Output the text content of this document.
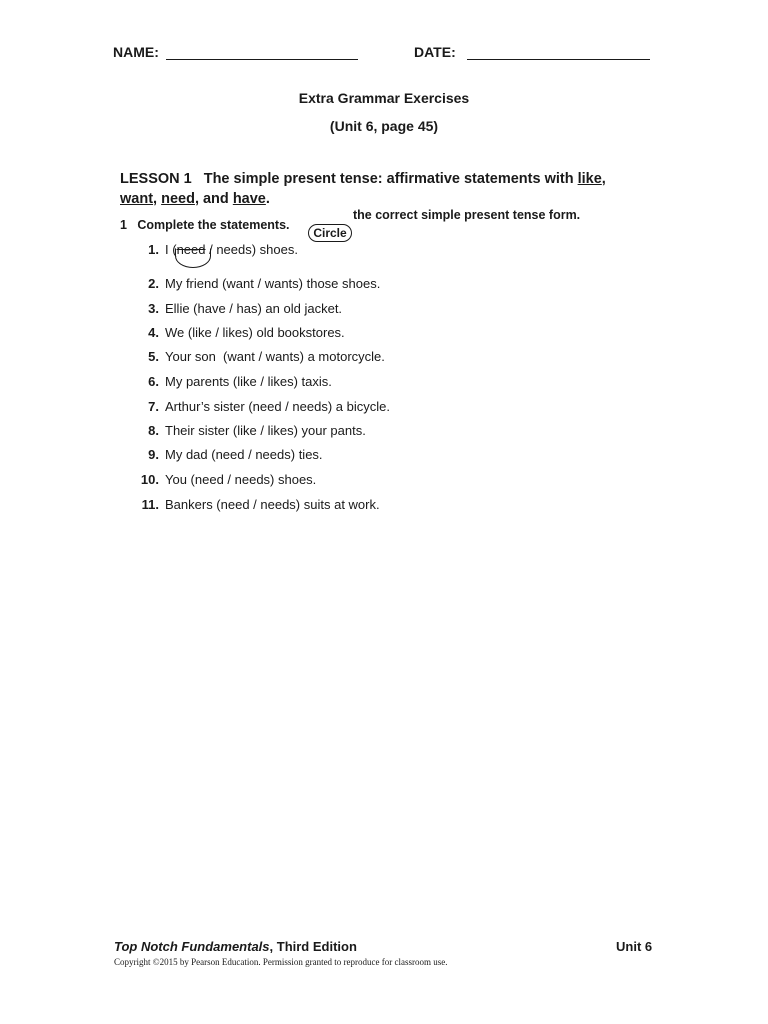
NAME:	DATE:
Extra Grammar Exercises
(Unit 6, page 45)
LESSON 1 The simple present tense: affirmative statements with like,
want, need, and have.
1 Complete the statements.
Circle
the correct simple present tense form.
1. I (need / needs) shoes.
2. My friend (want / wants) those shoes.
3. Ellie (have / has) an old jacket.
4. We (like / likes) old bookstores.
5. Your son  (want / wants) a motorcycle.
6. My parents (like / likes) taxis.
7. Arthur’s sister (need / needs) a bicycle.
8. Their sister (like / likes) your pants.
9. My dad (need / needs) ties.
10. You (need / needs) shoes.
11. Bankers (need / needs) suits at work.
Top Notch Fundamentals, Third Edition	Unit 6
Copyright ©2015 by Pearson Education. Permission granted to reproduce for classroom use.
